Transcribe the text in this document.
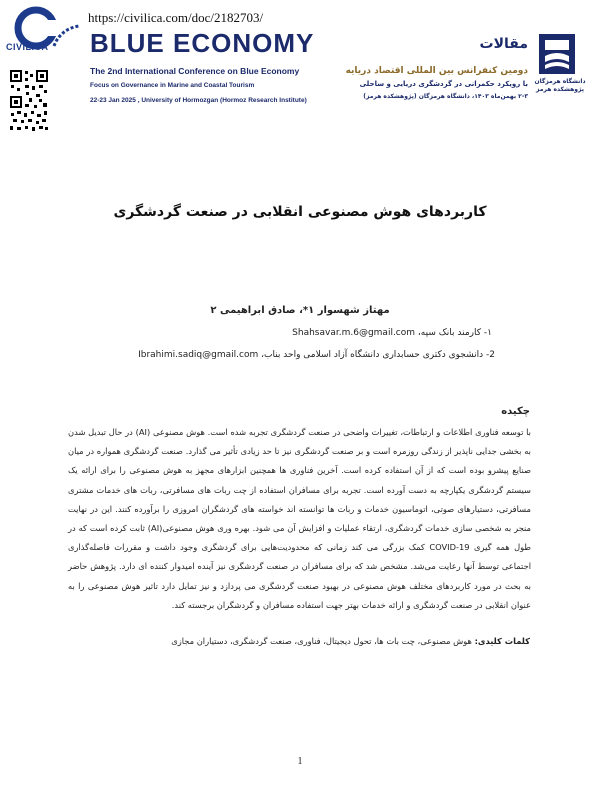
CIVILICA
https://civilica.com/doc/2182703/
BLUE ECONOMY
The 2nd International Conference on Blue Economy
Focus on Governance in Marine and Coastal Tourism
22-23 Jan 2025 , University of Hormozgan (Hormoz Research Institute)
مقالات
دومین کنفرانس بین المللی اقتصاد دریایه
با رویکرد حکمرانی در گردشگری دریایی و ساحلی
۲-۳ بهمن‌ماه ۱۴۰۳، دانشگاه هرمزگان (پژوهشکده هرمز)
دانشگاه هرمزگان پژوهشکده هرمز
کاربردهای هوش مصنوعی انقلابی در صنعت گردشگری
مهتاز شهسوار ۱*، صادق ابراهیمی ۲
۱- کارمند بانک سپه، Shahsavar.m.6@gmail.com
2- دانشجوی دکتری حسابداری دانشگاه آزاد اسلامی واحد بناب، Ibrahimi.sadiq@gmail.com
چکیده

با توسعه فناوری اطلاعات و ارتباطات، تغییرات واضحی در صنعت گردشگری تجربه شده است. هوش مصنوعی (AI) در حال تبدیل شدن به بخشی جدایی ناپذیر از زندگی روزمره است و بر صنعت گردشگری نیز تا حد زیادی تأثیر می گذارد. صنعت گردشگری همواره در میان صنایع پیشرو بوده است که از آن استفاده کرده است. آخرین فناوری ها همچنین ابزارهای مجهز به هوش مصنوعی را برای ارائه یک سیستم گردشگری یکپارچه به دست آورده است. تجربه برای مسافران استفاده از چت ربات های مسافرتی، ربات های خدمات مشتری مسافرتی، دستیارهای صوتی، اتوماسیون خدمات و ربات ها توانسته اند خواسته های گردشگران امروزی را برآورده کنند. این در نهایت منجر به شخصی سازی خدمات گردشگری، ارتقاء عملیات و افزایش آن می شود. بهره وری هوش مصنوعی(AI) ثابت کرده است که در طول همه گیری COVID-19 کمک بزرگی می کند زمانی که محدودیت‌هایی برای گردشگری وجود داشت و مقررات فاصله‌گذاری اجتماعی توسط آنها رعایت می‌شد. مشخص شد که برای مسافران در صنعت گردشگری نیز آینده امیدوار کننده ای دارد. پژوهش حاضر به بحث در مورد کاربردهای مختلف هوش مصنوعی در بهبود صنعت گردشگری می پردازد و نیز تمایل دارد تاثیر هوش مصنوعی را به عنوان انقلابی در صنعت گردشگری و ارائه خدمات بهتر جهت استفاده مسافران و گردشگران برجسته کند.

کلمات کلیدی: هوش مصنوعی، چت بات ها، تحول دیجیتال، فناوری، صنعت گردشگری، دستیاران مجازی
1
